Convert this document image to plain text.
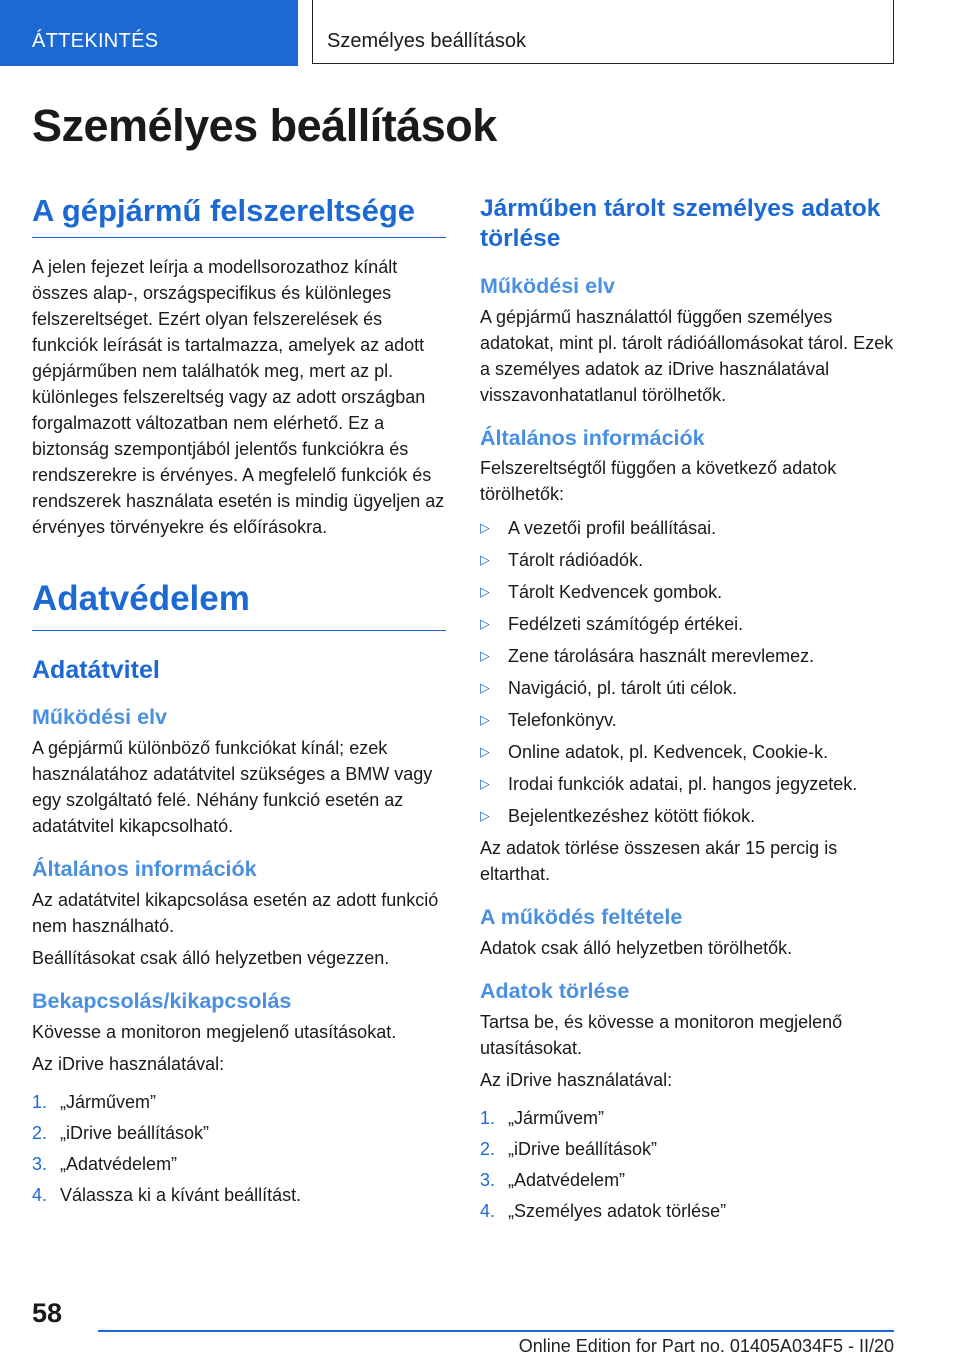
ÁTTEKINTÉS	Személyes beállítások
Személyes beállítások
A gépjármű felszereltsége

A jelen fejezet leírja a modellsorozathoz kínált összes alap-, országspecifikus és különleges felszereltséget. Ezért olyan felszerelések és funkciók leírását is tartalmazza, amelyek az adott gépjárműben nem találhatók meg, mert az pl. különleges felszereltség vagy az adott országban forgalmazott változatban nem elérhető. Ez a biztonság szempontjából jelentős funkciókra és rendszerekre is érvényes. A megfelelő funkciók és rendszerek használata esetén is mindig ügyeljen az érvényes törvényekre és előírásokra.

Adatvédelem
Adatátvitel
Működési elv

A gépjármű különböző funkciókat kínál; ezek használatához adatátvitel szükséges a BMW vagy egy szolgáltató felé. Néhány funkció esetén az adatátvitel kikapcsolható.

Általános információk

Az adatátvitel kikapcsolása esetén az adott funkció nem használható.

Beállításokat csak álló helyzetben végezzen.

Bekapcsolás/kikapcsolás

Kövesse a monitoron megjelenő utasításokat.

Az iDrive használatával:

1. „Járművem”
2. „iDrive beállítások”
3. „Adatvédelem”
4. Válassza ki a kívánt beállítást.
Járműben tárolt személyes adatok törlése
Működési elv

A gépjármű használattól függően személyes adatokat, mint pl. tárolt rádióállomásokat tárol. Ezek a személyes adatok az iDrive használatával visszavonhatatlanul törölhetők.

Általános információk

Felszereltségtől függően a következő adatok törölhetők:

▷ A vezetői profil beállításai.
▷ Tárolt rádióadók.
▷ Tárolt Kedvencek gombok.
▷ Fedélzeti számítógép értékei.
▷ Zene tárolására használt merevlemez.
▷ Navigáció, pl. tárolt úti célok.
▷ Telefonkönyv.
▷ Online adatok, pl. Kedvencek, Cookie-k.
▷ Irodai funkciók adatai, pl. hangos jegyzetek.
▷ Bejelentkezéshez kötött fiókok.

Az adatok törlése összesen akár 15 percig is eltarthat.

A működés feltétele

Adatok csak álló helyzetben törölhetők.

Adatok törlése

Tartsa be, és kövesse a monitoron megjelenő utasításokat.

Az iDrive használatával:

1. „Járművem”
2. „iDrive beállítások”
3. „Adatvédelem”
4. „Személyes adatok törlése”

58

Online Edition for Part no. 01405A034F5 - II/20
